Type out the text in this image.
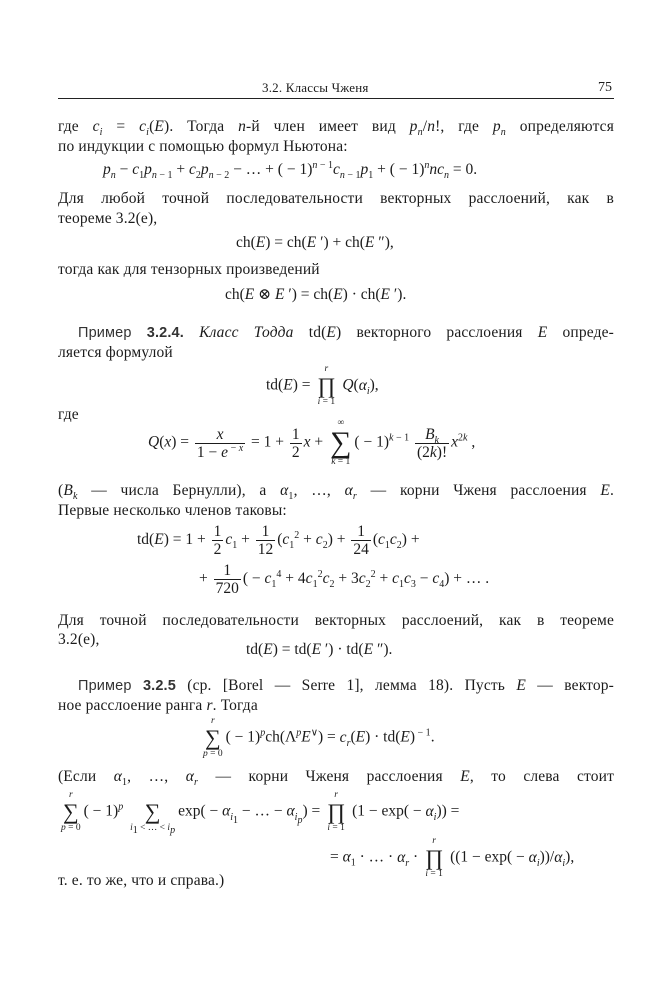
3.2. Классы Чженя	75
где $c_i = c_i(E)$. Тогда n-й член имеет вид $p_n/n$!, где $p_n$ определяются
по индукции с помощью формул Ньютона:
$p_n - c_1p_{n - 1} + c_2p_{n - 2}$ − … + ( − $1)^{n - 1}c_{n - 1}p_1$ + ( − $1)^nnc_n = 0$.
Для любой точной последовательности векторных расслоений, как в
теореме 3.2(e),
ch(E) = ch(E ′) + ch(E ″),
тогда как для тензорных произведений
ch(E ⊗ E ′) = ch(E) · ch(E ′).
Пример 3.2.4. Класс Тодда td(E) векторного расслоения E опреде-
ляется формулой
td(E) =
r
∏
i = 1
$Q(\alpha_i)$,
где
$Q(x) = \frac{x}{1 - e ^{- x}} = 1 + \frac{1}{2}$ x +
∞
∑
k = 1
( − $1)^{k - 1} \frac{B_k}{(2k)!} x^{2k}$ ,
($B_k$ — числа Бернулли), а $\alpha_1$, …, $\alpha_r$ — корни Чженя расслоения E.
Первые несколько членов таковы:
$td(E) = 1 + \frac{1}{2} c_1 + \frac{1}{12} (c_1^2 + c_2) + \frac{1}{24} (c_1c_2)$ +
+ $\frac{1}{720}$ ( − $c_1^4 + 4c_1^2c_2 + 3c_2^2 + c_1c_3 - c_4$) + … .
Для точной последовательности векторных расслоений, как в теореме
3.2(e),
td(E) = td(E ′) · td(E ″).
Пример 3.2.5 (ср. [Borel — Serre 1], лемма 18). Пусть E — вектор-
ное расслоение ранга r. Тогда
r
∑
p = 0
( − $1)^pch(\Lambda^pE^\vee) = c_r(E) \cdot td(E)$ $^{- 1}$.
(Если $\alpha_1$, …, $\alpha_r$ — корни Чженя расслоения E, то слева стоит
r
∑
p = 0
( − 1)$^p$
∑
$i_1$ < … < $i_p$
$\exp( - \alpha_{i_1}$ − … − $\alpha_{i_p}$) =
r
∏
i = 1
$(1 - \exp( - \alpha_i))$ =
= $\alpha_1$ · … · $\alpha_r$ ·
r
∏
i = 1
$((1 - \exp( - \alpha_i))/\alpha_i)$,
т. е. то же, что и справа.)
